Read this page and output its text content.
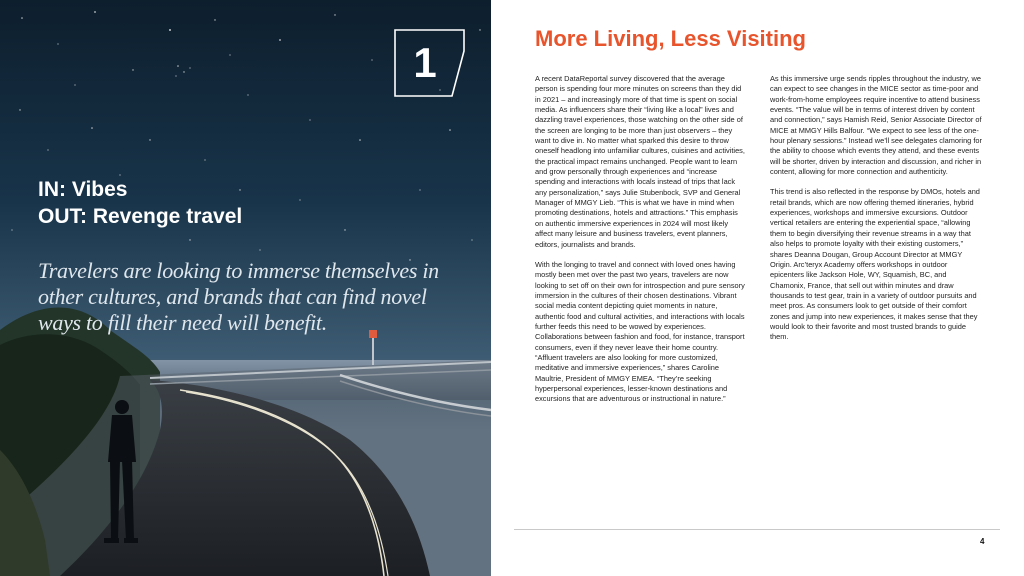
1
IN: Vibes
OUT: Revenge travel
Travelers are looking to immerse themselves in other cultures, and brands that can find novel ways to fill their need will benefit.
More Living, Less Visiting

A recent DataReportal survey discovered that the average person is spending four more minutes on screens than they did in 2021 – and increasingly more of that time is spent on social media. As influencers share their “living like a local” lives and dazzling travel experiences, those watching on the other side of the screen are longing to be more than just observers – they want to dive in. No matter what sparked this desire to throw oneself headlong into unfamiliar cultures, cuisines and activities, the practical impact remains unchanged. People want to learn and grow personally through experiences and “increase spending and interactions with locals instead of trips that lack any personalization,” says Julie Stubenbock, SVP and General Manager of MMGY Lieb. “This is what we have in mind when promoting destinations, hotels and attractions.” This emphasis on authentic immersive experiences in 2024 will most likely affect many leisure and business travelers, event planners, editors, journalists and brands.

With the longing to travel and connect with loved ones having mostly been met over the past two years, travelers are now looking to set off on their own for introspection and pure sensory immersion in the cultures of their chosen destinations. Vibrant social media content depicting quiet moments in nature, authentic food and cultural activities, and interactions with locals further feeds this need to be wowed by experiences. Collaborations between fashion and food, for instance, transport consumers, even if they never leave their home country. “Affluent travelers are also looking for more customized, meditative and immersive experiences,” shares Caroline Maultrie, President of MMGY EMEA. “They’re seeking hyperpersonal experiences, lesser-known destinations and excursions that are adventurous or instructional in nature.”

As this immersive urge sends ripples throughout the industry, we can expect to see changes in the MICE sector as time-poor and work-from-home employees require incentive to attend business events. “The value will be in terms of interest driven by content and connection,” says Hamish Reid, Senior Associate Director of MICE at MMGY Hills Balfour. “We expect to see less of the one-hour plenary sessions.” Instead we’ll see delegates clamoring for the ability to choose which events they attend, and these events will be shorter, driven by interaction and discussion, and richer in content, allowing for more connection and authenticity.

This trend is also reflected in the response by DMOs, hotels and retail brands, which are now offering themed itineraries, hybrid experiences, workshops and immersive excursions. Outdoor vertical retailers are entering the experiential space, “allowing them to begin diversifying their revenue streams in a way that also helps to promote loyalty with their existing customers,” shares Deanna Dougan, Group Account Director at MMGY Origin. Arc’teryx Academy offers workshops in outdoor epicenters like Jackson Hole, WY, Squamish, BC, and Chamonix, France, that sell out within minutes and draw thousands to test gear, train in a variety of outdoor pursuits and meet pros. As consumers look to get outside of their comfort zones and jump into new experiences, it makes sense that they would look to their favorite and most trusted brands to guide them.

4
